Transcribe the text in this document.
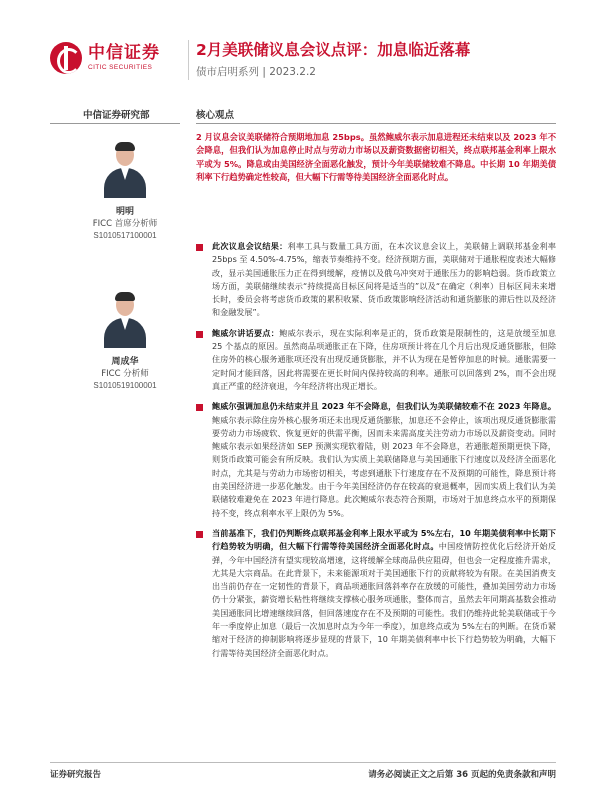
中信证券
CITIC SECURITIES
2月美联储议息会议点评：加息临近落幕
债市启明系列 | 2023.2.2
中信证券研究部	核心观点
明明
FICC 首席分析师
S1010517100001
周成华
FICC 分析师
S1010519100001
2 月议息会议美联储符合预期地加息 25bps。虽然鲍威尔表示加息进程还未结束以及 2023 年不会降息，但我们认为加息停止时点与劳动力市场以及薪资数据密切相关，终点联邦基金利率上限水平或为 5%。降息或由美国经济全面恶化触发，预计今年美联储较难不降息。中长期 10 年期美债利率下行趋势确定性较高，但大幅下行需等待美国经济全面恶化时点。
此次议息会议结果：利率工具与数量工具方面，在本次议息会议上，美联储上调联邦基金利率 25bps 至 4.50%-4.75%，缩表节奏维持不变。经济预期方面，美联储对于通胀程度表述大幅修改，显示美国通胀压力正在得到缓解，疫情以及俄乌冲突对于通胀压力的影响趋弱。货币政策立场方面，美联储继续表示“持续提高目标区间将是适当的”以及“在确定（利率）目标区间未来增长时，委员会将考虑货币政策的累积收紧、货币政策影响经济活动和通货膨胀的滞后性以及经济和金融发展”。
鲍威尔讲话要点：鲍威尔表示，现在实际利率是正的，货币政策是限制性的，这是放缓至加息 25 个基点的原因。虽然商品项通胀正在下降，住房项预计将在几个月后出现反通货膨胀，但除住房外的核心服务通胀项还没有出现反通货膨胀，并不认为现在是暂停加息的时候。通胀需要一定时间才能回落，因此将需要在更长时间内保持较高的利率。通胀可以回落到 2%，而不会出现真正严重的经济衰退，今年经济将出现正增长。
鲍威尔强调加息仍未结束并且 2023 年不会降息，但我们认为美联储较难不在 2023 年降息。鲍威尔表示除住房外核心服务项还未出现反通货膨胀，加息还不会停止，该项出现反通货膨胀需要劳动力市场疲软、恢复更好的供需平衡，因而未来需高度关注劳动力市场以及薪资变动。同时鲍威尔表示如果经济如 SEP 预测实现软着陆，则 2023 年不会降息，若通胀超预期更快下降，则货币政策可能会有所反映。我们认为实质上美联储降息与美国通胀下行速度以及经济全面恶化时点，尤其是与劳动力市场密切相关，考虑到通胀下行速度存在不及预期的可能性，降息预计将由美国经济进一步恶化触发。由于今年美国经济仍存在较高的衰退概率，因而实质上我们认为美联储较难避免在 2023 年进行降息。此次鲍威尔表态符合预期，市场对于加息终点水平的预期保持不变，终点利率水平上限仍为 5%。
当前基准下，我们仍判断终点联邦基金利率上限水平或为 5%左右，10 年期美债利率中长期下行趋势较为明确，但大幅下行需等待美国经济全面恶化时点。中国疫情防控优化后经济开始反弹，今年中国经济有望实现较高增速，这将缓解全球商品供应阻碍，但也会一定程度推升需求，尤其是大宗商品。在此背景下，未来能源项对于美国通胀下行的贡献将较为有限。在美国消费支出当前仍存在一定韧性的背景下，商品项通胀回落斜率存在放缓的可能性，叠加美国劳动力市场仍十分紧张，薪资增长粘性将继续支撑核心服务项通胀，整体而言，虽然去年同期高基数会推动美国通胀同比增速继续回落，但回落速度存在不及预期的可能性。我们仍维持此轮美联储或于今年一季度停止加息（最后一次加息时点为今年一季度），加息终点或为 5%左右的判断。在货币紧缩对于经济的抑制影响将逐步显现的背景下，10 年期美债利率中长下行趋势较为明确，大幅下行需等待美国经济全面恶化时点。
证券研究报告	请务必阅读正文之后第 36 页起的免责条款和声明
